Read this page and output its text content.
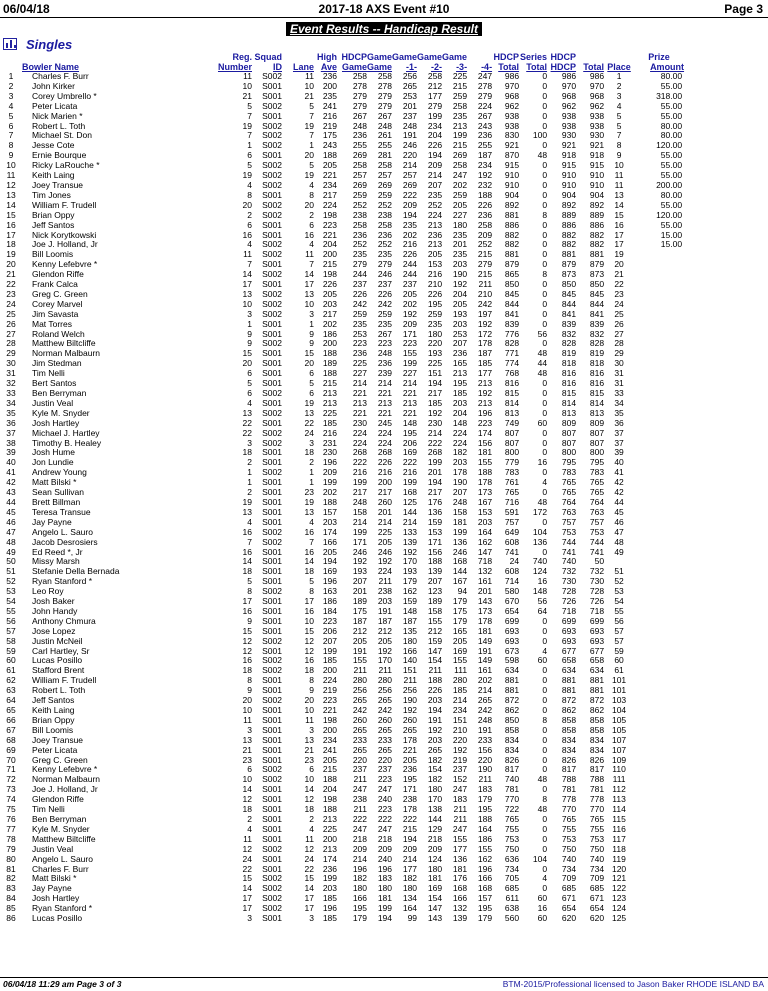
2017-18 AXS Event #10
06/04/18	Page 3
Event Results -- Handicap Result
Singles
		Reg.	Squad		High	HDCP	Game	Game	Game	Game		HDCP	Series	HDCP			Prize
	Bowler Name	Number	ID	Lane	Ave	Game	Game	-1-	-2-	-3-	-4-	Total	Total	HDCP	Total	Place	Amount
1	Charles F. Burr	11	S002	11	236	258	258	256	258	225	247	986	0	986	986	1	80.00
2	John Kirker	10	S001	10	200	278	278	265	212	215	278	970	0	970	970	2	55.00
3	Corey Umbrello *	21	S001	21	235	279	279	253	177	259	279	968	0	968	968	3	318.00
4	Peter Licata	5	S002	5	241	279	279	201	279	258	224	962	0	962	962	4	55.00
5	Nick Marien *	7	S001	7	216	267	267	237	199	235	267	938	0	938	938	5	55.00
6	Robert L. Toth	19	S002	19	219	248	248	248	234	213	243	938	0	938	938	5	80.00
7	Michael St. Don	7	S002	7	175	236	261	191	204	199	236	830	100	930	930	7	80.00
8	Jesse Cote	1	S002	1	243	255	255	246	226	215	255	921	0	921	921	8	120.00
9	Ernie Bourque	6	S001	20	188	269	281	220	194	269	187	870	48	918	918	9	55.00
10	Ricky LaRouche *	5	S002	5	205	258	258	214	209	258	234	915	0	915	915	10	55.00
11	Keith Laing	19	S002	19	221	257	257	257	214	247	192	910	0	910	910	11	55.00
12	Joey Transue	4	S002	4	234	269	269	269	207	202	232	910	0	910	910	11	200.00
13	Tim Jones	8	S001	8	217	259	259	222	235	259	188	904	0	904	904	13	80.00
14	William F. Trudell	20	S002	20	224	252	252	209	252	205	226	892	0	892	892	14	55.00
15	Brian Oppy	2	S002	2	198	238	238	194	224	227	236	881	8	889	889	15	120.00
16	Jeff Santos	6	S001	6	223	258	258	235	213	180	258	886	0	886	886	16	55.00
17	Nick Korytkowski	16	S001	16	221	236	236	202	236	235	209	882	0	882	882	17	15.00
18	Joe J. Holland, Jr	4	S002	4	204	252	252	216	213	201	252	882	0	882	882	17	15.00
19	Bill Loomis	11	S002	11	200	235	235	226	205	235	215	881	0	881	881	19	
20	Kenny Lefebvre *	7	S001	7	215	279	279	244	153	203	279	879	0	879	879	20	
21	Glendon Riffe	14	S002	14	198	244	246	244	216	190	215	865	8	873	873	21	
22	Frank Calca	17	S001	17	226	237	237	237	210	192	211	850	0	850	850	22	
23	Greg C. Green	13	S002	13	205	226	226	205	226	204	210	845	0	845	845	23	
24	Corey Marvel	10	S002	10	203	242	242	202	195	205	242	844	0	844	844	24	
25	Jim Savasta	3	S002	3	217	259	259	192	259	193	197	841	0	841	841	25	
26	Mat Torres	1	S001	1	202	235	235	209	235	203	192	839	0	839	839	26	
27	Roland Welch	9	S001	9	186	253	267	171	180	253	172	776	56	832	832	27	
28	Matthew Biltcliffe	9	S002	9	200	223	223	223	220	207	178	828	0	828	828	28	
29	Norman Malbaurn	15	S001	15	188	236	248	155	193	236	187	771	48	819	819	29	
30	Jim Stedman	20	S001	20	189	225	236	199	225	165	185	774	44	818	818	30	
31	Tim Nelli	6	S001	6	188	227	239	227	151	213	177	768	48	816	816	31	
32	Bert Santos	5	S001	5	215	214	214	214	194	195	213	816	0	816	816	31	
33	Ben Berryman	6	S002	6	213	221	221	221	217	185	192	815	0	815	815	33	
34	Justin Veal	4	S001	19	213	213	213	213	185	203	213	814	0	814	814	34	
35	Kyle M. Snyder	13	S002	13	225	221	221	221	192	204	196	813	0	813	813	35	
36	Josh Hartley	22	S001	22	185	230	245	148	230	148	223	749	60	809	809	36	
37	Michael J. Hartley	22	S002	24	216	224	224	195	214	224	174	807	0	807	807	37	
38	Timothy B. Healey	3	S002	3	231	224	224	206	222	224	156	807	0	807	807	37	
39	Josh Hume	18	S001	18	230	268	268	169	268	182	181	800	0	800	800	39	
40	Jon Lundie	2	S001	2	196	222	226	222	199	203	155	779	16	795	795	40	
41	Andrew Young	1	S002	1	209	216	216	216	201	178	188	783	0	783	783	41	
42	Matt Bilski *	1	S001	1	199	199	200	199	194	190	178	761	4	765	765	42	
43	Sean Sullivan	2	S001	23	202	217	217	168	217	207	173	765	0	765	765	42	
44	Brett Billman	19	S001	19	188	248	260	125	176	248	167	716	48	764	764	44	
45	Teresa Transue	13	S001	13	157	158	201	144	136	158	153	591	172	763	763	45	
46	Jay Payne	4	S001	4	203	214	214	214	159	181	203	757	0	757	757	46	
47	Angelo L. Sauro	16	S002	16	174	199	225	133	153	199	164	649	104	753	753	47	
48	Jacob Desrosiers	7	S002	7	166	171	205	139	171	136	162	608	136	744	744	48	
49	Ed Reed *, Jr	16	S001	16	205	246	246	192	156	246	147	741	0	741	741	49	
50	Missy Marsh	14	S001	14	194	192	192	170	188	168	718	24	740	740	50		
51	Stefanie Della Bernada	18	S001	18	169	193	224	193	139	144	132	608	124	732	732	51	
52	Ryan Stanford *	5	S001	5	196	207	211	179	207	167	161	714	16	730	730	52	
53	Leo Roy	8	S002	8	163	201	238	162	123	94	201	580	148	728	728	53	
54	Josh Baker	17	S001	17	186	189	203	159	189	179	143	670	56	726	726	54	
55	John Handy	16	S001	16	184	175	191	148	158	175	173	654	64	718	718	55	
56	Anthony Chmura	9	S001	10	223	187	187	187	155	179	178	699	0	699	699	56	
57	Jose Lopez	15	S001	15	206	212	212	135	212	165	181	693	0	693	693	57	
58	Justin McNeil	12	S002	12	207	205	205	180	159	205	149	693	0	693	693	57	
59	Carl Hartley, Sr	12	S001	12	199	191	192	166	147	169	191	673	4	677	677	59	
60	Lucas Posillo	16	S002	16	185	155	170	140	154	155	149	598	60	658	658	60	
61	Stafford Brent	18	S002	18	200	211	211	151	211	111	161	634	0	634	634	61	
62	William F. Trudell	8	S001	8	224	280	280	211	188	280	202	881	0	881	881	101	
63	Robert L. Toth	9	S001	9	219	256	256	256	226	185	214	881	0	881	881	101	
64	Jeff Santos	20	S002	20	223	265	265	190	203	214	265	872	0	872	872	103	
65	Keith Laing	10	S001	10	221	242	242	192	194	234	242	862	0	862	862	104	
66	Brian Oppy	11	S001	11	198	260	260	260	191	151	248	850	8	858	858	105	
67	Bill Loomis	3	S001	3	200	265	265	265	192	210	191	858	0	858	858	105	
68	Joey Transue	13	S001	13	234	233	233	178	203	220	233	834	0	834	834	107	
69	Peter Licata	21	S001	21	241	265	265	221	265	192	156	834	0	834	834	107	
70	Greg C. Green	23	S001	23	205	220	220	205	182	219	220	826	0	826	826	109	
71	Kenny Lefebvre *	6	S002	6	215	237	237	236	154	237	190	817	0	817	817	110	
72	Norman Malbaurn	10	S002	10	188	211	223	195	182	152	211	740	48	788	788	111	
73	Joe J. Holland, Jr	14	S001	14	204	247	247	171	180	247	183	781	0	781	781	112	
74	Glendon Riffe	12	S001	12	198	238	240	238	170	183	179	770	8	778	778	113	
75	Tim Nelli	18	S001	18	188	211	223	178	138	211	195	722	48	770	770	114	
76	Ben Berryman	2	S001	2	213	222	222	222	144	211	188	765	0	765	765	115	
77	Kyle M. Snyder	4	S001	4	225	247	247	215	129	247	164	755	0	755	755	116	
78	Matthew Biltcliffe	11	S001	11	200	218	218	194	218	155	186	753	0	753	753	117	
79	Justin Veal	12	S002	12	213	209	209	209	209	177	155	750	0	750	750	118	
80	Angelo L. Sauro	24	S001	24	174	214	240	214	124	136	162	636	104	740	740	119	
81	Charles F. Burr	22	S001	22	236	196	196	177	180	181	196	734	0	734	734	120	
82	Matt Bilski *	15	S002	15	199	182	183	182	181	176	166	705	4	709	709	121	
83	Jay Payne	14	S002	14	203	180	180	180	169	168	168	685	0	685	685	122	
84	Josh Hartley	17	S002	17	185	166	181	134	154	166	157	611	60	671	671	123	
85	Ryan Stanford *	17	S002	17	196	195	199	164	147	132	195	638	16	654	654	124	
86	Lucas Posillo	3	S001	3	185	179	194	99	143	139	179	560	60	620	620	125	
06/04/18 11:29 am Page 3 of 3	BTM-2015/Professional licensed to Jason Baker RHODE ISLAND BA
